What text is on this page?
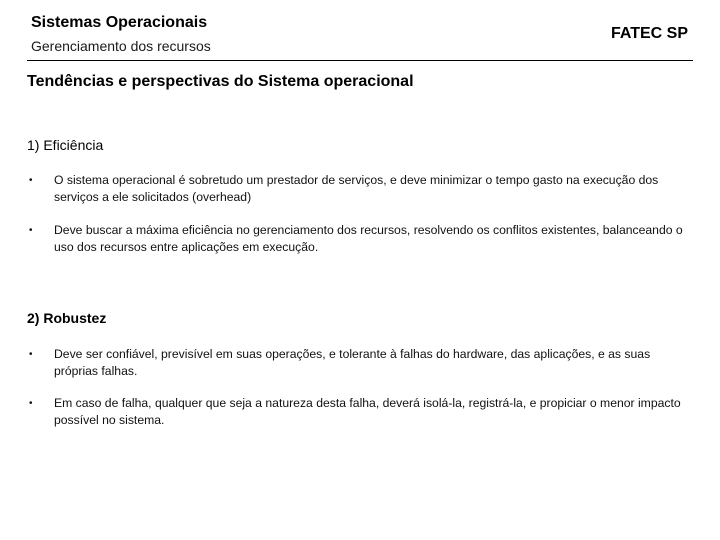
Sistemas Operacionais
Gerenciamento dos recursos
FATEC SP
Tendências e perspectivas do Sistema operacional

1) Eficiência

• O sistema operacional é sobretudo um prestador de serviços, e deve minimizar o tempo gasto na execução dos serviços a ele solicitados (overhead)
• Deve buscar a máxima eficiência no gerenciamento dos recursos, resolvendo os conflitos existentes, balanceando o uso dos recursos entre aplicações em execução.

2) Robustez

• Deve ser confiável, previsível em suas operações, e tolerante à falhas do hardware, das aplicações, e as suas próprias falhas.
• Em caso de falha, qualquer que seja a natureza desta falha, deverá isolá-la, registrá-la, e propiciar o menor impacto possível no sistema.
